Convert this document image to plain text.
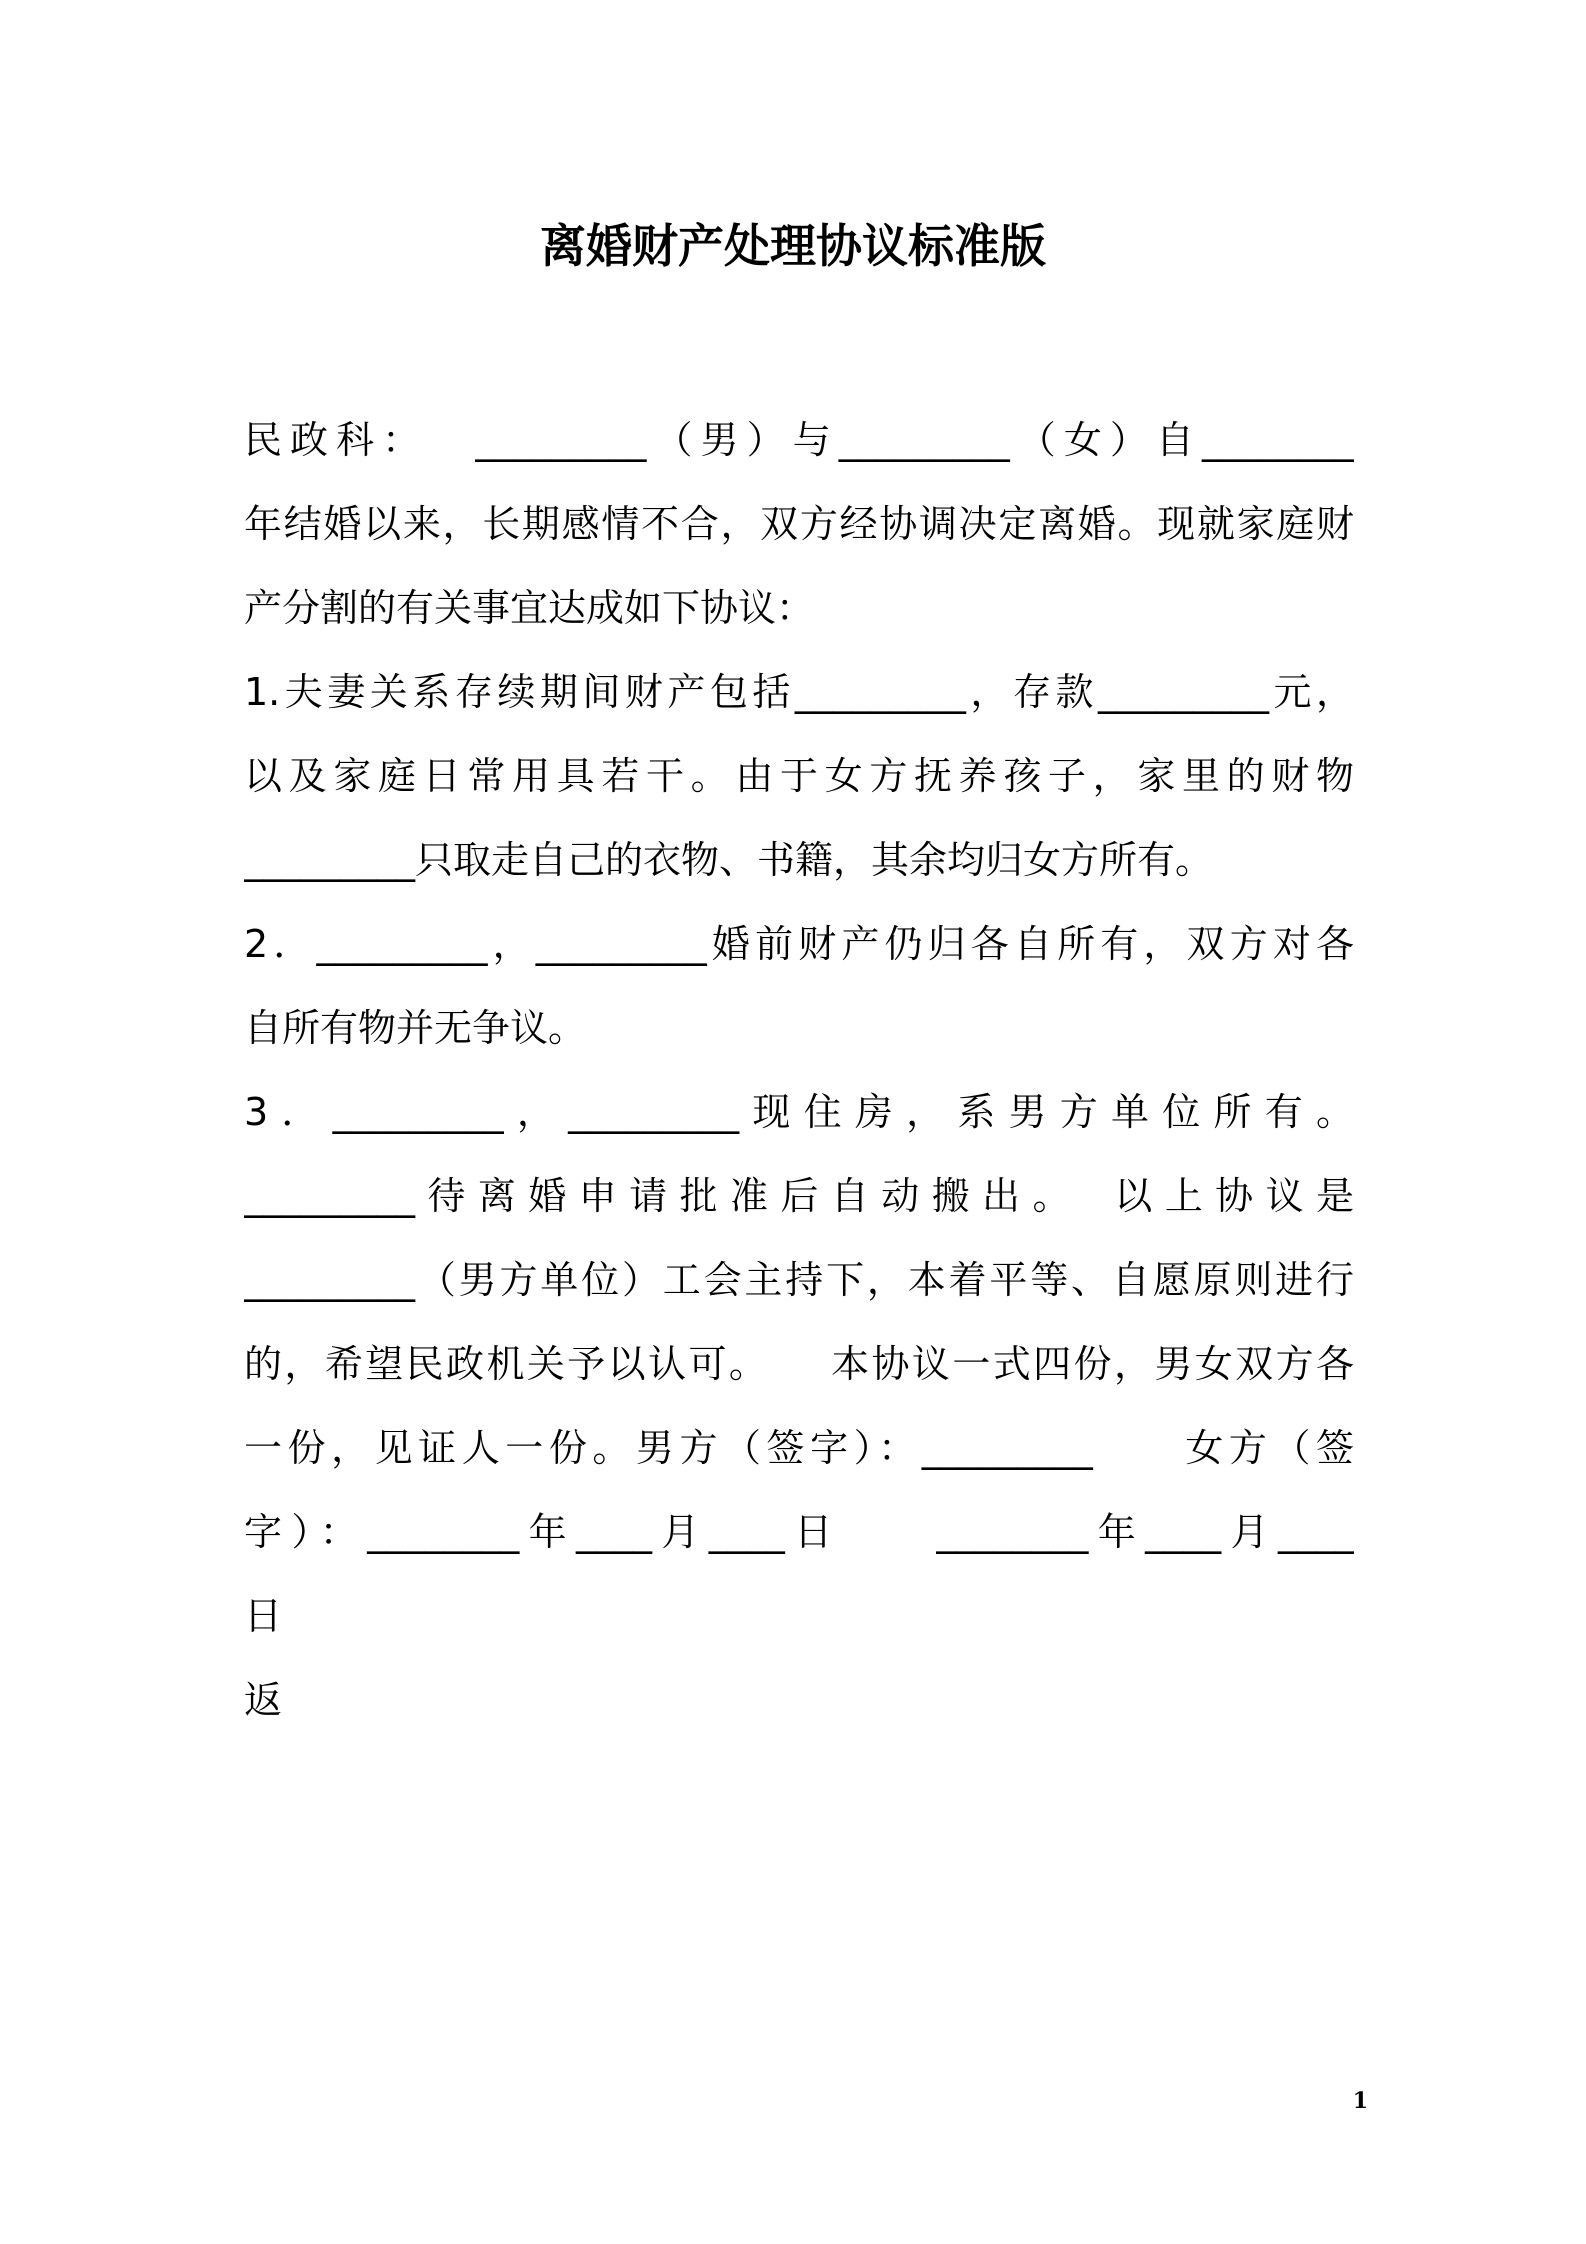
离婚财产处理协议标准版
民政科：　 _________（男）与_________（女）自________
年结婚以来，长期感情不合，双方经协调决定离婚。现就家庭财
产分割的有关事宜达成如下协议：
1.夫妻关系存续期间财产包括_________，存款_________元，
以及家庭日常用具若干。由于女方抚养孩子，家里的财物
_________只取走自己的衣物、书籍，其余均归女方所有。
2．_________，_________婚前财产仍归各自所有，双方对各
自所有物并无争议。
3．_________，_________现住房，系男方单位所有。
_________待离婚申请批准后自动搬出。　以上协议是
_________（男方单位）工会主持下，本着平等、自愿原则进行
的，希望民政机关予以认可。　　本协议一式四份，男女双方各
一份，见证人一份。男方（签字）：_________　　女方（签
字）：________年____月____日　　________年____月____
日
返
1
